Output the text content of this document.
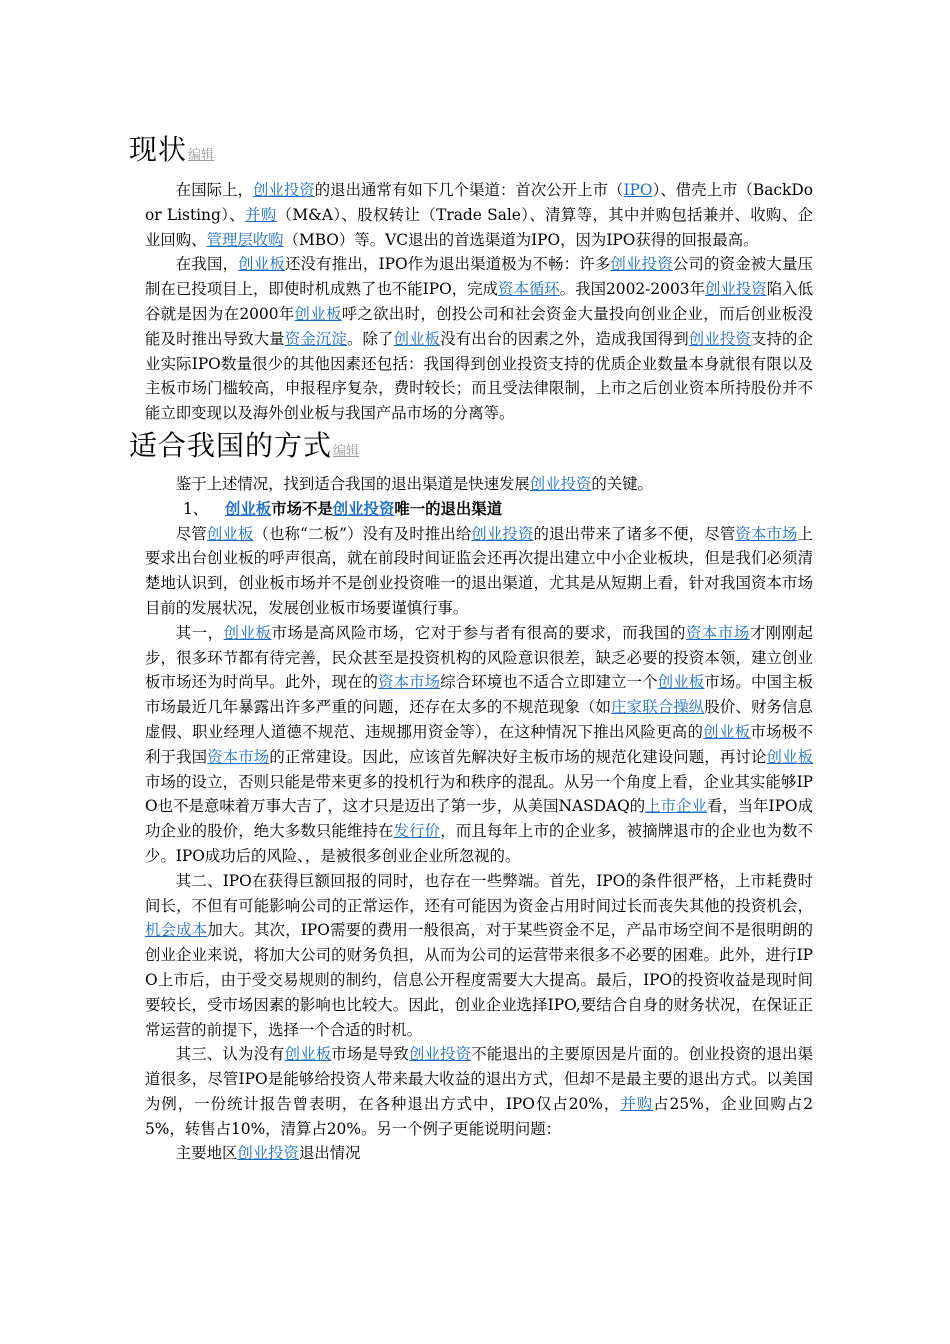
现状编辑

在国际上，创业投资的退出通常有如下几个渠道：首次公开上市（IPO）、借壳上市（BackDoor Listing）、并购（M&A）、股权转让（Trade Sale）、清算等，其中并购包括兼并、收购、企业回购、管理层收购（MBO）等。VC退出的首选渠道为IPO，因为IPO获得的回报最高。

在我国，创业板还没有推出，IPO作为退出渠道极为不畅：许多创业投资公司的资金被大量压制在已投项目上，即使时机成熟了也不能IPO，完成资本循环。我国2002-2003年创业投资陷入低谷就是因为在2000年创业板呼之欲出时，创投公司和社会资金大量投向创业企业，而后创业板没能及时推出导致大量资金沉淀。除了创业板没有出台的因素之外，造成我国得到创业投资支持的企业实际IPO数量很少的其他因素还包括：我国得到创业投资支持的优质企业数量本身就很有限以及主板市场门槛较高，申报程序复杂，费时较长；而且受法律限制，上市之后创业资本所持股份并不能立即变现以及海外创业板与我国产品市场的分离等。

适合我国的方式编辑

鉴于上述情况，找到适合我国的退出渠道是快速发展创业投资的关键。

1、 创业板市场不是创业投资唯一的退出渠道

尽管创业板（也称“二板”）没有及时推出给创业投资的退出带来了诸多不便，尽管资本市场上要求出台创业板的呼声很高，就在前段时间证监会还再次提出建立中小企业板块，但是我们必须清楚地认识到，创业板市场并不是创业投资唯一的退出渠道，尤其是从短期上看，针对我国资本市场目前的发展状况，发展创业板市场要谨慎行事。

其一，创业板市场是高风险市场，它对于参与者有很高的要求，而我国的资本市场才刚刚起步，很多环节都有待完善，民众甚至是投资机构的风险意识很差，缺乏必要的投资本领，建立创业板市场还为时尚早。此外，现在的资本市场综合环境也不适合立即建立一个创业板市场。中国主板市场最近几年暴露出许多严重的问题，还存在太多的不规范现象（如庄家联合操纵股价、财务信息虚假、职业经理人道德不规范、违规挪用资金等），在这种情况下推出风险更高的创业板市场极不利于我国资本市场的正常建设。因此，应该首先解决好主板市场的规范化建设问题，再讨论创业板市场的设立，否则只能是带来更多的投机行为和秩序的混乱。从另一个角度上看，企业其实能够IPO也不是意味着万事大吉了，这才只是迈出了第一步，从美国NASDAQ的上市企业看，当年IPO成功企业的股价，绝大多数只能维持在发行价，而且每年上市的企业多，被摘牌退市的企业也为数不少。IPO成功后的风险、，是被很多创业企业所忽视的。

其二、IPO在获得巨额回报的同时，也存在一些弊端。首先，IPO的条件很严格，上市耗费时间长，不但有可能影响公司的正常运作，还有可能因为资金占用时间过长而丧失其他的投资机会，机会成本加大。其次，IPO需要的费用一般很高，对于某些资金不足，产品市场空间不是很明朗的创业企业来说，将加大公司的财务负担，从而为公司的运营带来很多不必要的困难。此外，进行IPO上市后，由于受交易规则的制约，信息公开程度需要大大提高。最后，IPO的投资收益是现时间要较长，受市场因素的影响也比较大。因此，创业企业选择IPO,要结合自身的财务状况，在保证正常运营的前提下，选择一个合适的时机。

其三、认为没有创业板市场是导致创业投资不能退出的主要原因是片面的。创业投资的退出渠道很多，尽管IPO是能够给投资人带来最大收益的退出方式，但却不是最主要的退出方式。以美国为例，一份统计报告曾表明，在各种退出方式中，IPO仅占20%，并购占25%，企业回购占25%，转售占10%，清算占20%。另一个例子更能说明问题：

主要地区创业投资退出情况
